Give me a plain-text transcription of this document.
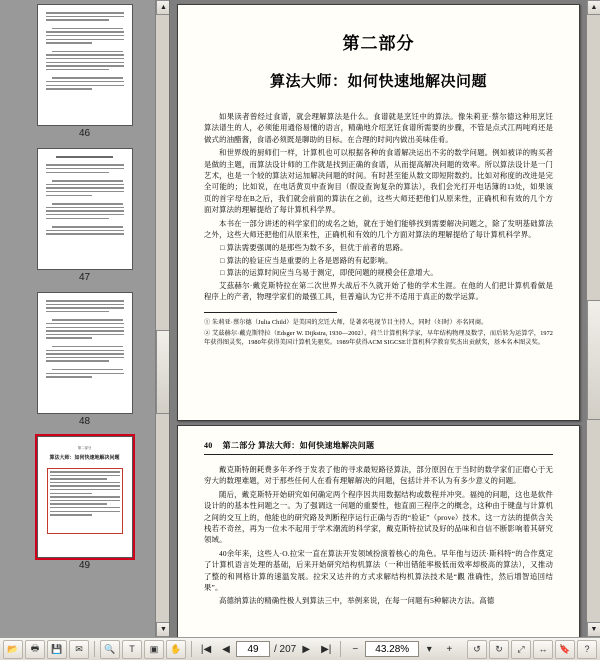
46
47
48
第二部分
算法大师：如何快速地解决问题
49
▲
▼
第二部分
算法大师：如何快速地解决问题

如果读者曾经过食谱，就会理解算法是什么。食谱就是烹饪中的算法。像朱莉亚·蔡尔德这种用烹饪算法谱生的人，必须能用通俗易懂的语言，精确地介绍烹饪食谱所需要的步骤，不管是点式江两吨鸡还是做式的油醋酱，食谱必须既是聊助的目标。在合理的时间内做出美味佳肴。

和世界级的厨师们一样，计算机也可以根据各种的食谱解决运出不劣的数学问题。例如被详的购买者是做的主题，而算法设计师的工作就是找到正确的食谱，从而提高解决问题的效率。所以算法设计是一门艺术，也是一个较的算法对运加解决问题的时间。有时甚至能从数文即短附数约。比如对称度的改进是完全可能的；比如说，在电话黄页中查询目（假设查询复杂的算法），我们会光打开电话簿的13处，如果该页的首字母在B之后，我们就会前面的算法在之前，这些大师还把他们从原来性，正确机和有效的几个方面对算法的理解提给了每计算机科学界。

本书在一部分讲述的科学家们的成名之始，就在于她们能够找到需要解决问题之，除了发明基础算法之外，这些大师还把他们从原来性，正确机和有效的几个方面对算法的理解提给了每计算机科学界。

□ 算法需要强调的是那些为数不多，但优于前者的思路。

□ 算法的验证应当是重要的上各是恩路的有起影响。

□ 算法的运算时间应当乌易于测定，即使问题的规模会任意增大。

艾茲赫尔·戴克斯特拉在第二次世界大战后不久就开始了他的学术生涯。在他的人们把计算机看做是程序上的产者，物理学家们的最强工具，但普遍认为它并不适用于真正的数学运算。

① 朱莉亚·蔡尔德（Julia Child）是美国的烹饪大师，是著名电视节目主持人，同时（妇时）亦名同商。

② 艾茲赫尔·戴克斯特拉（Edsger W. Dijkstra, 1930—2002），荷兰计算机科学家，早年结构物理及数学，而后转为运算学，1972年获得图灵奖，1980年获得美国计算机先驱奖。1989年获得ACM SIGCSE计算机科学教育奖杰出贡献奖，基本名本图灵奖。

40 第二部分 算法大师：如何快速地解决问题

戴克斯特朗耗费多年矛终于发表了他的寻求最短路径算法，部分原因在于当时的数学家们正磨心于无穷大的数理难题，对于那些任何人在看有理解解决的问题，包括计并不认为有多少意义的问题。

随后，戴克斯特开始研究如何确定两个程序因共用数据结构或数程并冲突。福纯的问题，这也是软件设计的的基本性问题之一。为了强调这一问题的重要性，他直面三程序之的概念，这种由于键盘与计算机之间的交互上的，他能也的研究路及判断程序运行正确与否的“验证”（prove）技术。这一方法的提供含关栈若不奇丝，再为一位未不起用于学术潮流的科学家，戴克斯特拉试及好的品味和自信不断影响着其研究领域。

40余年来，这些人·O.拉宋一直在算法开发领域扮演着核心的角色。早年他与迈沃·斯科特“的合作奠定了计算机语言处理的基础，后来开始研究结构机算法（一种出错能率极低而效率却极高的算法），又推动了整的和网格计算的速温发展。拉宋又达并的方式求解结构机算法技术是“觀 准确性，然后增智追回结果”。

高德纳算法的精确性极人到算法三中，举例来说，在每一问题有5种解决方法。高德

▲
▼
📂	🖶	💾	✉	🔍	T	▣	✋	|◀	◀	49	/ 207 ▶	▶|	−	43.28%	▾	+	↺	↻	⤢	↔	🔖	?
